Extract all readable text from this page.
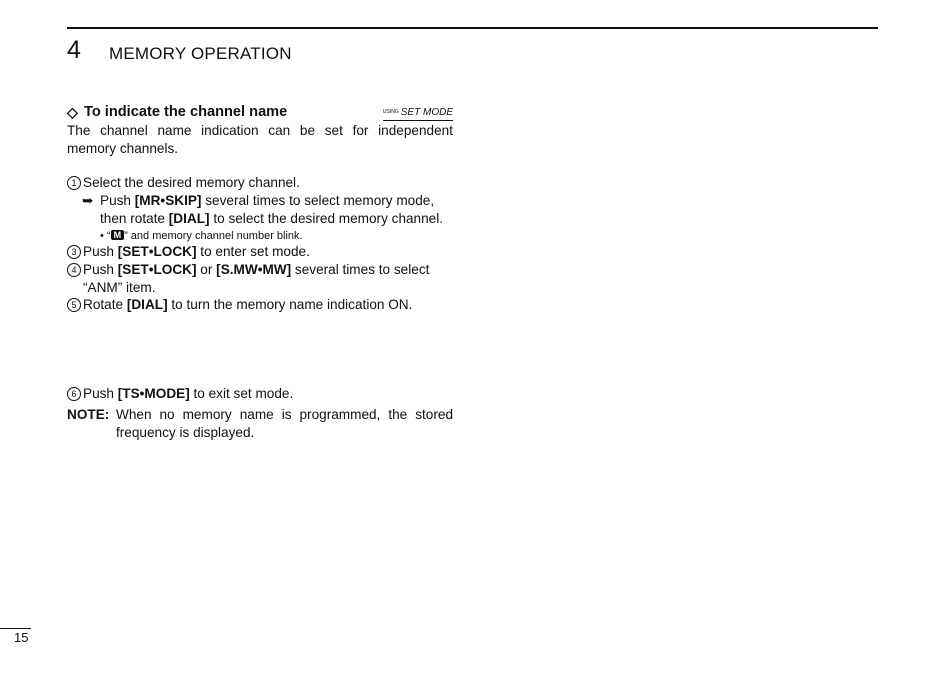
4 MEMORY OPERATION
◇ To indicate the channel name	$^{USING}$ SET MODE
The channel name indication can be set for independent
memory channels.
1 Select the desired memory channel.
➥ Push [MR•SKIP] several times to select memory mode,
then rotate [DIAL] to select the desired memory channel.
• “ M ” and memory channel number blink.
3 Push [SET•LOCK] to enter set mode.
4 Push [SET•LOCK] or [S.MW•MW] several times to select
“ANM” item.
5 Rotate [DIAL] to turn the memory name indication ON.
6 Push [TS•MODE] to exit set mode.
NOTE: When no memory name is programmed, the stored
frequency is displayed.
15
